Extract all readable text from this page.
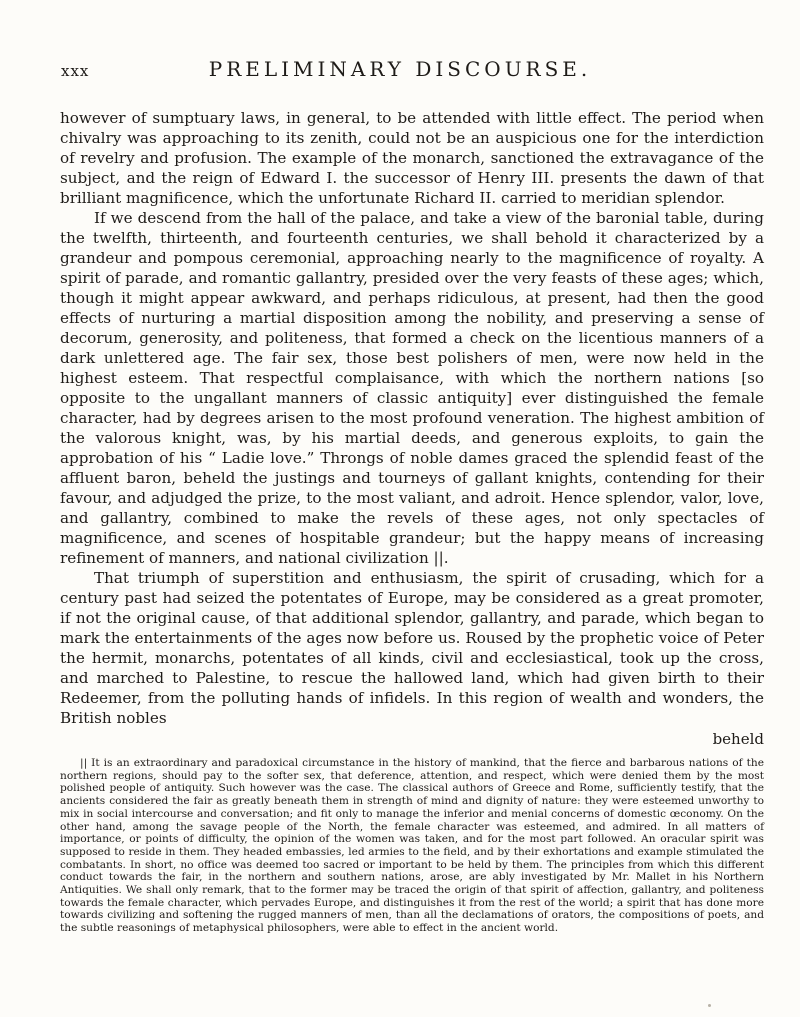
xxx	PRELIMINARY DISCOURSE.

however of sumptuary laws, in general, to be attended with little effect. The period when chivalry was approaching to its zenith, could not be an auspicious one for the interdiction of revelry and profusion. The example of the monarch, sanctioned the extravagance of the subject, and the reign of Edward I. the successor of Henry III. presents the dawn of that brilliant magnificence, which the unfortunate Richard II. carried to meridian splendor.

If we descend from the hall of the palace, and take a view of the baronial table, during the twelfth, thirteenth, and fourteenth centuries, we shall behold it characterized by a grandeur and pompous ceremonial, approaching nearly to the magnificence of royalty. A spirit of parade, and romantic gallantry, presided over the very feasts of these ages; which, though it might appear awkward, and perhaps ridiculous, at present, had then the good effects of nurturing a martial disposition among the nobility, and preserving a sense of decorum, generosity, and politeness, that formed a check on the licentious manners of a dark unlettered age. The fair sex, those best polishers of men, were now held in the highest esteem. That respectful complaisance, with which the northern nations [so opposite to the ungallant manners of classic antiquity] ever distinguished the female character, had by degrees arisen to the most profound veneration. The highest ambition of the valorous knight, was, by his martial deeds, and generous exploits, to gain the approbation of his “ Ladie love.” Throngs of noble dames graced the splendid feast of the affluent baron, beheld the justings and tourneys of gallant knights, contending for their favour, and adjudged the prize, to the most valiant, and adroit. Hence splendor, valor, love, and gallantry, combined to make the revels of these ages, not only spectacles of magnificence, and scenes of hospitable grandeur; but the happy means of increasing refinement of manners, and national civilization ||.

That triumph of superstition and enthusiasm, the spirit of crusading, which for a century past had seized the potentates of Europe, may be considered as a great promoter, if not the original cause, of that additional splendor, gallantry, and parade, which began to mark the entertainments of the ages now before us. Roused by the prophetic voice of Peter the hermit, monarchs, potentates of all kinds, civil and ecclesiastical, took up the cross, and marched to Palestine, to rescue the hallowed land, which had given birth to their Redeemer, from the polluting hands of infidels. In this region of wealth and wonders, the British nobles

beheld

|| It is an extraordinary and paradoxical circumstance in the history of mankind, that the fierce and barbarous nations of the northern regions, should pay to the softer sex, that deference, attention, and respect, which were denied them by the most polished people of antiquity. Such however was the case. The classical authors of Greece and Rome, sufficiently testify, that the ancients considered the fair as greatly beneath them in strength of mind and dignity of nature: they were esteemed unworthy to mix in social intercourse and conversation; and fit only to manage the inferior and menial concerns of domestic œconomy. On the other hand, among the savage people of the North, the female character was esteemed, and admired. In all matters of importance, or points of difficulty, the opinion of the women was taken, and for the most part followed. An oracular spirit was supposed to reside in them. They headed embassies, led armies to the field, and by their exhortations and example stimulated the combatants. In short, no office was deemed too sacred or important to be held by them. The principles from which this different conduct towards the fair, in the northern and southern nations, arose, are ably investigated by Mr. Mallet in his Northern Antiquities. We shall only remark, that to the former may be traced the origin of that spirit of affection, gallantry, and politeness towards the female character, which pervades Europe, and distinguishes it from the rest of the world; a spirit that has done more towards civilizing and softening the rugged manners of men, than all the declamations of orators, the compositions of poets, and the subtle reasonings of metaphysical philosophers, were able to effect in the ancient world.
